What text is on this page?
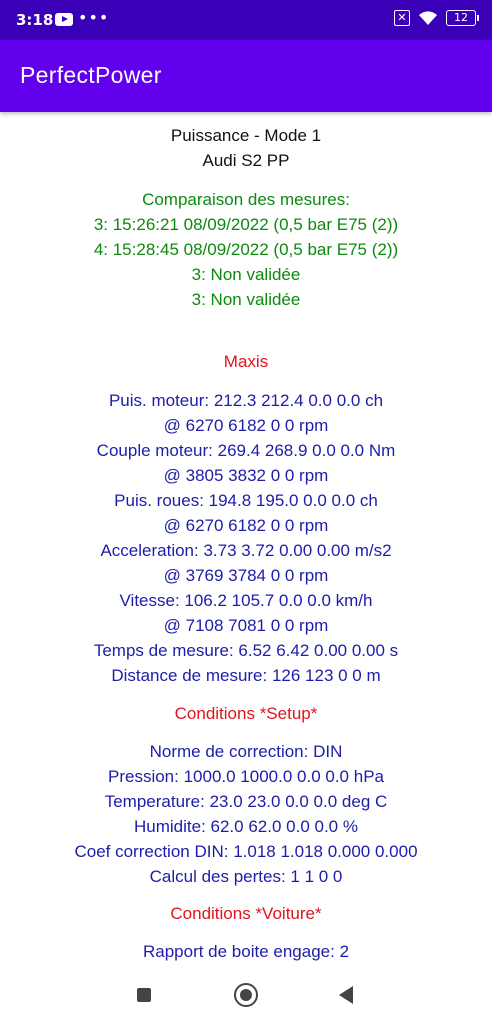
3:18 •••	✕	12
PerfectPower
Puissance - Mode 1
Audi S2 PP
Comparaison des mesures:
3: 15:26:21 08/09/2022 (0,5 bar E75 (2))
4: 15:28:45 08/09/2022 (0,5 bar E75 (2))
3: Non validée
3: Non validée
Maxis
Puis. moteur: 212.3 212.4 0.0 0.0 ch
@ 6270 6182 0 0 rpm
Couple moteur: 269.4 268.9 0.0 0.0 Nm
@ 3805 3832 0 0 rpm
Puis. roues: 194.8 195.0 0.0 0.0 ch
@ 6270 6182 0 0 rpm
Acceleration: 3.73 3.72 0.00 0.00 m/s2
@ 3769 3784 0 0 rpm
Vitesse: 106.2 105.7 0.0 0.0 km/h
@ 7108 7081 0 0 rpm
Temps de mesure: 6.52 6.42 0.00 0.00 s
Distance de mesure: 126 123 0 0 m
Conditions *Setup*
Norme de correction: DIN
Pression: 1000.0 1000.0 0.0 0.0 hPa
Temperature: 23.0 23.0 0.0 0.0 deg C
Humidite: 62.0 62.0 0.0 0.0 %
Coef correction DIN: 1.018 1.018 0.000 0.000
Calcul des pertes: 1 1 0 0
Conditions *Voiture*
Rapport de boite engage: 2
